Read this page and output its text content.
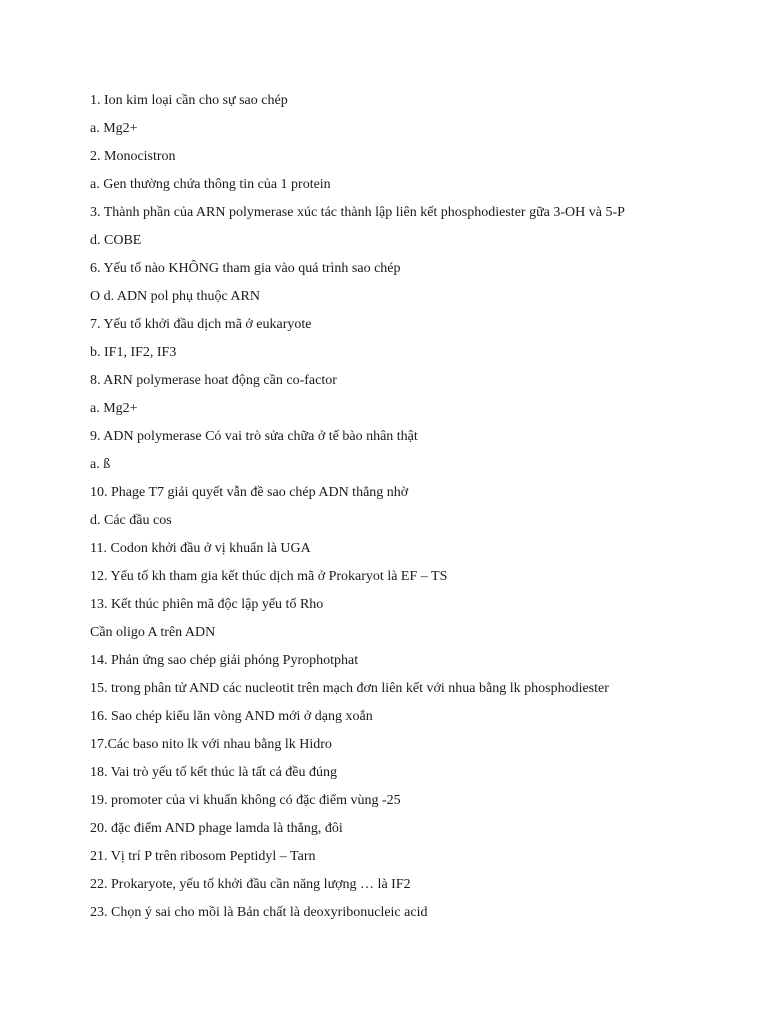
1. Ion kim loại cần cho sự sao chép
a. Mg2+
2. Monocistron
a. Gen thường chứa thông tin của 1 protein
3. Thành phần của ARN polymerase xúc tác thành lập liên kết phosphodiester gữa 3-OH và 5-P
d. COBE
6. Yếu tố nào KHÔNG tham gia vào quá trình sao chép
O d. ADN pol phụ thuộc ARN
7. Yếu tố khởi đầu dịch mã ở eukaryote
b. IF1, IF2, IF3
8. ARN polymerase hoat động cần co-factor
a. Mg2+
9. ADN polymerase Có vai trò sửa chữa ở tế bào nhân thật
a. ß
10. Phage T7 giải quyết vẫn đề sao chép ADN thẳng nhờ
d. Các đầu cos
11. Codon khởi đầu ở vị khuẩn là UGA
12. Yếu tố kh tham gia kết thúc dịch mã ở Prokaryot là EF – TS
13. Kết thúc phiên mã độc lập yếu tố Rho
Cần oligo A trên ADN
14. Phản ứng sao chép giải phóng Pyrophotphat
15. trong phân tử AND các nucleotit trên mạch đơn liên kết với nhua bằng lk phosphodiester
16. Sao chép kiểu lăn vòng AND mới ở dạng xoắn
17.Các baso nito lk với nhau bằng lk Hidro
18. Vai trò yếu tố kết thúc là tất cả đều đúng
19. promoter của vi khuẩn không có đặc điểm vùng -25
20. đặc điểm AND phage lamda là thẳng, đôi
21. Vị trí P trên ribosom Peptidyl – Tarn
22. Prokaryote, yếu tố khởi đầu cần năng lượng … là IF2
23. Chọn ý sai cho mồi là Bản chất là deoxyribonucleic acid
